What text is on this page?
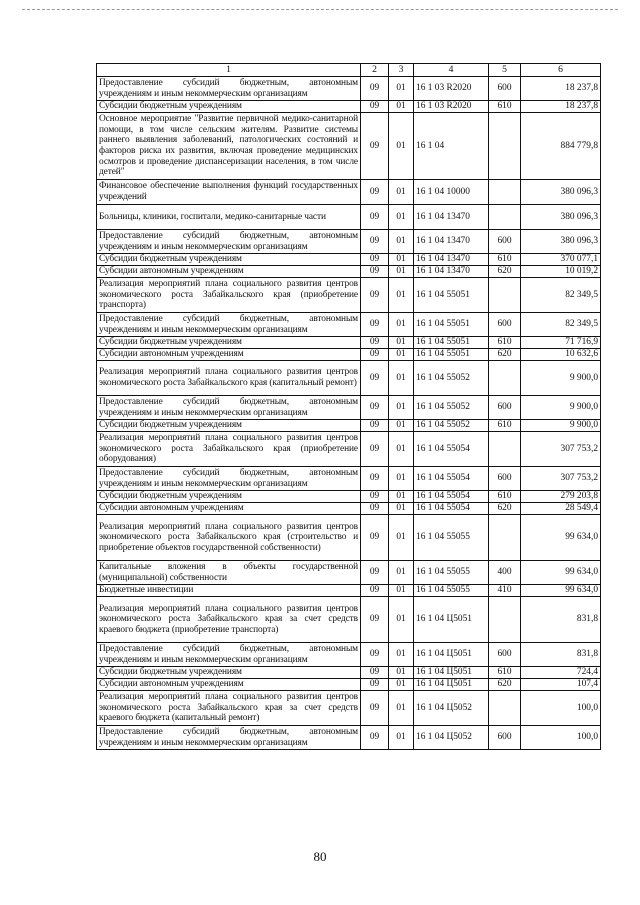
1	2	3	4	5	6
Предоставление субсидий бюджетным, автономным учреждениям и иным некоммерческим организациям	09	01	16 1 03 R2020	600	18 237,8
Субсидии бюджетным учреждениям	09	01	16 1 03 R2020	610	18 237,8
Основное мероприятие "Развитие первичной медико-санитарной помощи, в том числе сельским жителям. Развитие системы раннего выявления заболеваний, патологических состояний и факторов риска их развития, включая проведение медицинских осмотров и проведение диспансеризации населения, в том числе детей"	09	01	16 1 04		884 779,8
Финансовое обеспечение выполнения функций государственных учреждений	09	01	16 1 04 10000		380 096,3
Больницы, клиники, госпитали, медико-санитарные части	09	01	16 1 04 13470		380 096,3
Предоставление субсидий бюджетным, автономным учреждениям и иным некоммерческим организациям	09	01	16 1 04 13470	600	380 096,3
Субсидии бюджетным учреждениям	09	01	16 1 04 13470	610	370 077,1
Субсидии автономным учреждениям	09	01	16 1 04 13470	620	10 019,2
Реализация мероприятий плана социального развития центров экономического роста Забайкальского края (приобретение транспорта)	09	01	16 1 04 55051		82 349,5
Предоставление субсидий бюджетным, автономным учреждениям и иным некоммерческим организациям	09	01	16 1 04 55051	600	82 349,5
Субсидии бюджетным учреждениям	09	01	16 1 04 55051	610	71 716,9
Субсидии автономным учреждениям	09	01	16 1 04 55051	620	10 632,6
Реализация мероприятий плана социального развития центров экономического роста Забайкальского края (капитальный ремонт)	09	01	16 1 04 55052		9 900,0
Предоставление субсидий бюджетным, автономным учреждениям и иным некоммерческим организациям	09	01	16 1 04 55052	600	9 900,0
Субсидии бюджетным учреждениям	09	01	16 1 04 55052	610	9 900,0
Реализация мероприятий плана социального развития центров экономического роста Забайкальского края (приобретение оборудования)	09	01	16 1 04 55054		307 753,2
Предоставление субсидий бюджетным, автономным учреждениям и иным некоммерческим организациям	09	01	16 1 04 55054	600	307 753,2
Субсидии бюджетным учреждениям	09	01	16 1 04 55054	610	279 203,8
Субсидии автономным учреждениям	09	01	16 1 04 55054	620	28 549,4
Реализация мероприятий плана социального развития центров экономического роста Забайкальского края (строительство и приобретение объектов государственной собственности)	09	01	16 1 04 55055		99 634,0
Капитальные вложения в объекты государственной (муниципальной) собственности	09	01	16 1 04 55055	400	99 634,0
Бюджетные инвестиции	09	01	16 1 04 55055	410	99 634,0
Реализация мероприятий плана социального развития центров экономического роста Забайкальского края за счет средств краевого бюджета (приобретение транспорта)	09	01	16 1 04 Ц5051		831,8
Предоставление субсидий бюджетным, автономным учреждениям и иным некоммерческим организациям	09	01	16 1 04 Ц5051	600	831,8
Субсидии бюджетным учреждениям	09	01	16 1 04 Ц5051	610	724,4
Субсидии автономным учреждениям	09	01	16 1 04 Ц5051	620	107,4
Реализация мероприятий плана социального развития центров экономического роста Забайкальского края за счет средств краевого бюджета (капитальный ремонт)	09	01	16 1 04 Ц5052		100,0
Предоставление субсидий бюджетным, автономным учреждениям и иным некоммерческим организациям	09	01	16 1 04 Ц5052	600	100,0
80
